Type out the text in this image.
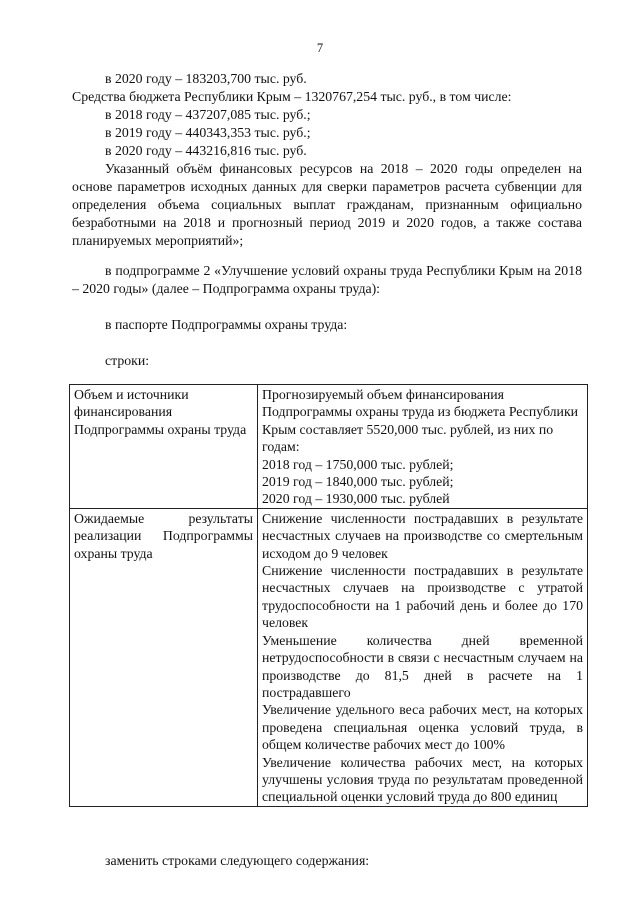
7
в 2020 году – 183203,700 тыс. руб.
Средства бюджета Республики Крым – 1320767,254 тыс. руб., в том числе:
в 2018 году – 437207,085 тыс. руб.;
в 2019 году – 440343,353 тыс. руб.;
в 2020 году – 443216,816 тыс. руб.
Указанный объём финансовых ресурсов на 2018 – 2020 годы определен на основе параметров исходных данных для сверки параметров расчета субвенции для определения объема социальных выплат гражданам, признанным официально безработными на 2018 и прогнозный период 2019 и 2020 годов, а также состава планируемых мероприятий»;
в подпрограмме 2 «Улучшение условий охраны труда Республики Крым на 2018 – 2020 годы» (далее – Подпрограмма охраны труда):
в паспорте Подпрограммы охраны труда:
строки:
Объем и источники финансирования Подпрограммы охраны труда	Прогнозируемый объем финансирования Подпрограммы охраны труда из бюджета Республики Крым составляет 5520,000 тыс. рублей, из них по годам:
2018 год – 1750,000 тыс. рублей;
2019 год – 1840,000 тыс. рублей;
2020 год – 1930,000 тыс. рублей

Ожидаемые результаты реализации Подпрограммы охраны труда	Снижение численности пострадавших в результате несчастных случаев на производстве со смертельным исходом до 9 человек
Снижение численности пострадавших в результате несчастных случаев на производстве с утратой трудоспособности на 1 рабочий день и более до 170 человек
Уменьшение количества дней временной нетрудоспособности в связи с несчастным случаем на производстве до 81,5 дней в расчете на 1 пострадавшего
Увеличение удельного веса рабочих мест, на которых проведена специальная оценка условий труда, в общем количестве рабочих мест до 100%
Увеличение количества рабочих мест, на которых улучшены условия труда по результатам проведенной специальной оценки условий труда до 800 единиц
заменить строками следующего содержания:
